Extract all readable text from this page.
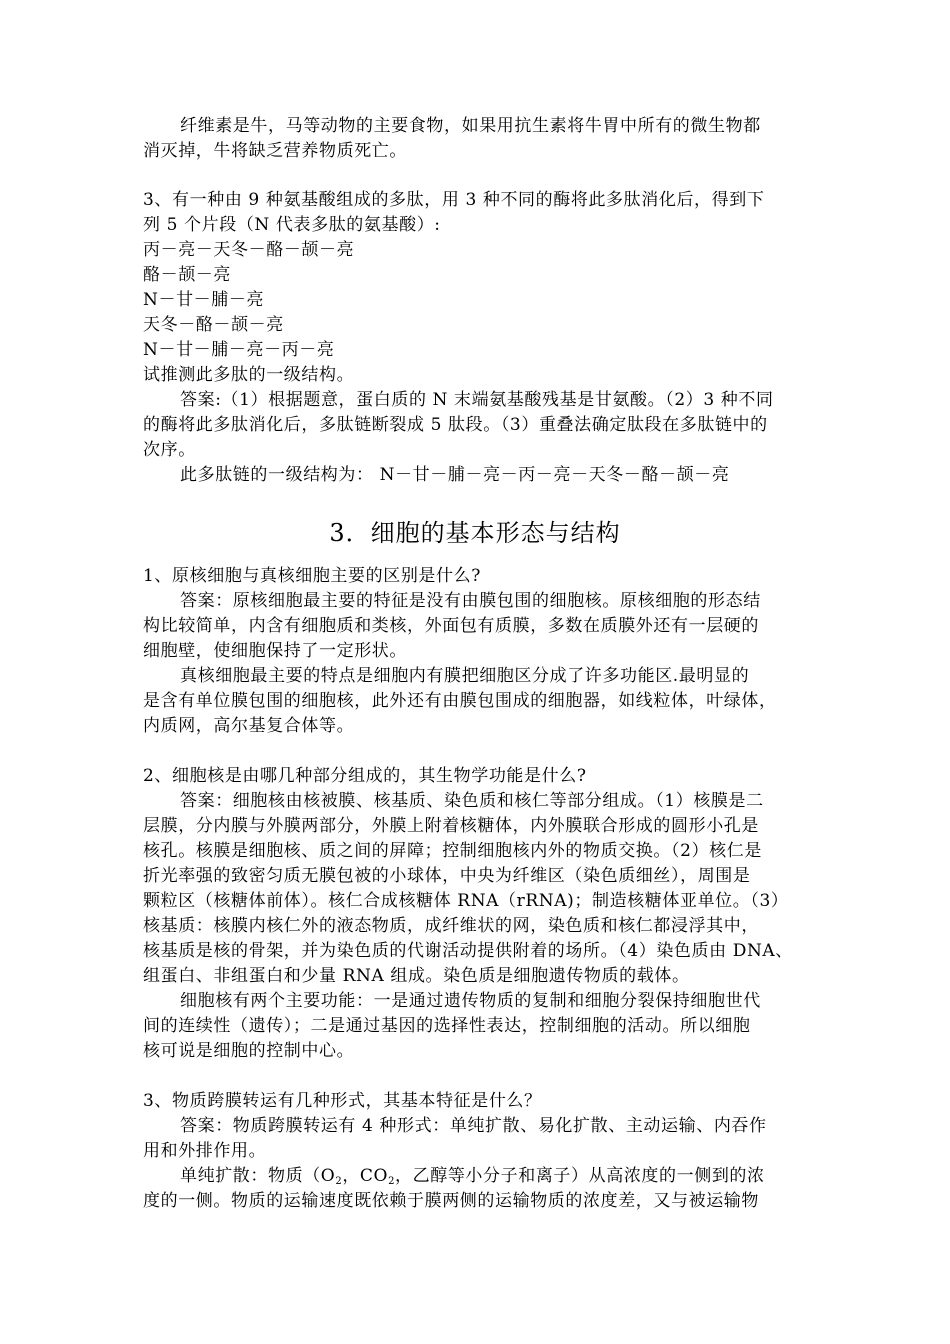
纤维素是牛，马等动物的主要食物，如果用抗生素将牛胃中所有的微生物都
消灭掉，牛将缺乏营养物质死亡。
3、有一种由 9 种氨基酸组成的多肽，用 3 种不同的酶将此多肽消化后，得到下
列 5 个片段（N 代表多肽的氨基酸）:
丙－亮－天冬－酪－颉－亮
酪－颉－亮
N－甘－脯－亮
天冬－酪－颉－亮
N－甘－脯－亮－丙－亮
试推测此多肽的一级结构。
答案:（1）根据题意，蛋白质的 N 末端氨基酸残基是甘氨酸。（2）3 种不同
的酶将此多肽消化后，多肽链断裂成 5 肽段。（3）重叠法确定肽段在多肽链中的
次序。
此多肽链的一级结构为： N－甘－脯－亮－丙－亮－天冬－酪－颉－亮
3．细胞的基本形态与结构
1、原核细胞与真核细胞主要的区别是什么?
答案：原核细胞最主要的特征是没有由膜包围的细胞核。原核细胞的形态结
构比较简单，内含有细胞质和类核，外面包有质膜，多数在质膜外还有一层硬的
细胞壁，使细胞保持了一定形状。
真核细胞最主要的特点是细胞内有膜把细胞区分成了许多功能区.最明显的
是含有单位膜包围的细胞核，此外还有由膜包围成的细胞器，如线粒体，叶绿体，
内质网，高尔基复合体等。
2、细胞核是由哪几种部分组成的，其生物学功能是什么?
答案：细胞核由核被膜、核基质、染色质和核仁等部分组成。（1）核膜是二
层膜，分内膜与外膜两部分，外膜上附着核糖体，内外膜联合形成的圆形小孔是
核孔。核膜是细胞核、质之间的屏障；控制细胞核内外的物质交换。（2）核仁是
折光率强的致密匀质无膜包被的小球体，中央为纤维区（染色质细丝），周围是
颗粒区（核糖体前体）。核仁合成核糖体 RNA（rRNA)；制造核糖体亚单位。（3）
核基质：核膜内核仁外的液态物质，成纤维状的网，染色质和核仁都浸浮其中，
核基质是核的骨架，并为染色质的代谢活动提供附着的场所。（4）染色质由 DNA、
组蛋白、非组蛋白和少量 RNA 组成。染色质是细胞遗传物质的载体。
细胞核有两个主要功能：一是通过遗传物质的复制和细胞分裂保持细胞世代
间的连续性（遗传）；二是通过基因的选择性表达，控制细胞的活动。所以细胞
核可说是细胞的控制中心。
3、物质跨膜转运有几种形式，其基本特征是什么？
答案：物质跨膜转运有 4 种形式：单纯扩散、易化扩散、主动运输、内吞作
用和外排作用。
单纯扩散：物质（$O_2$，$CO_2$，乙醇等小分子和离子）从高浓度的一侧到的浓
度的一侧。物质的运输速度既依赖于膜两侧的运输物质的浓度差，又与被运输物
